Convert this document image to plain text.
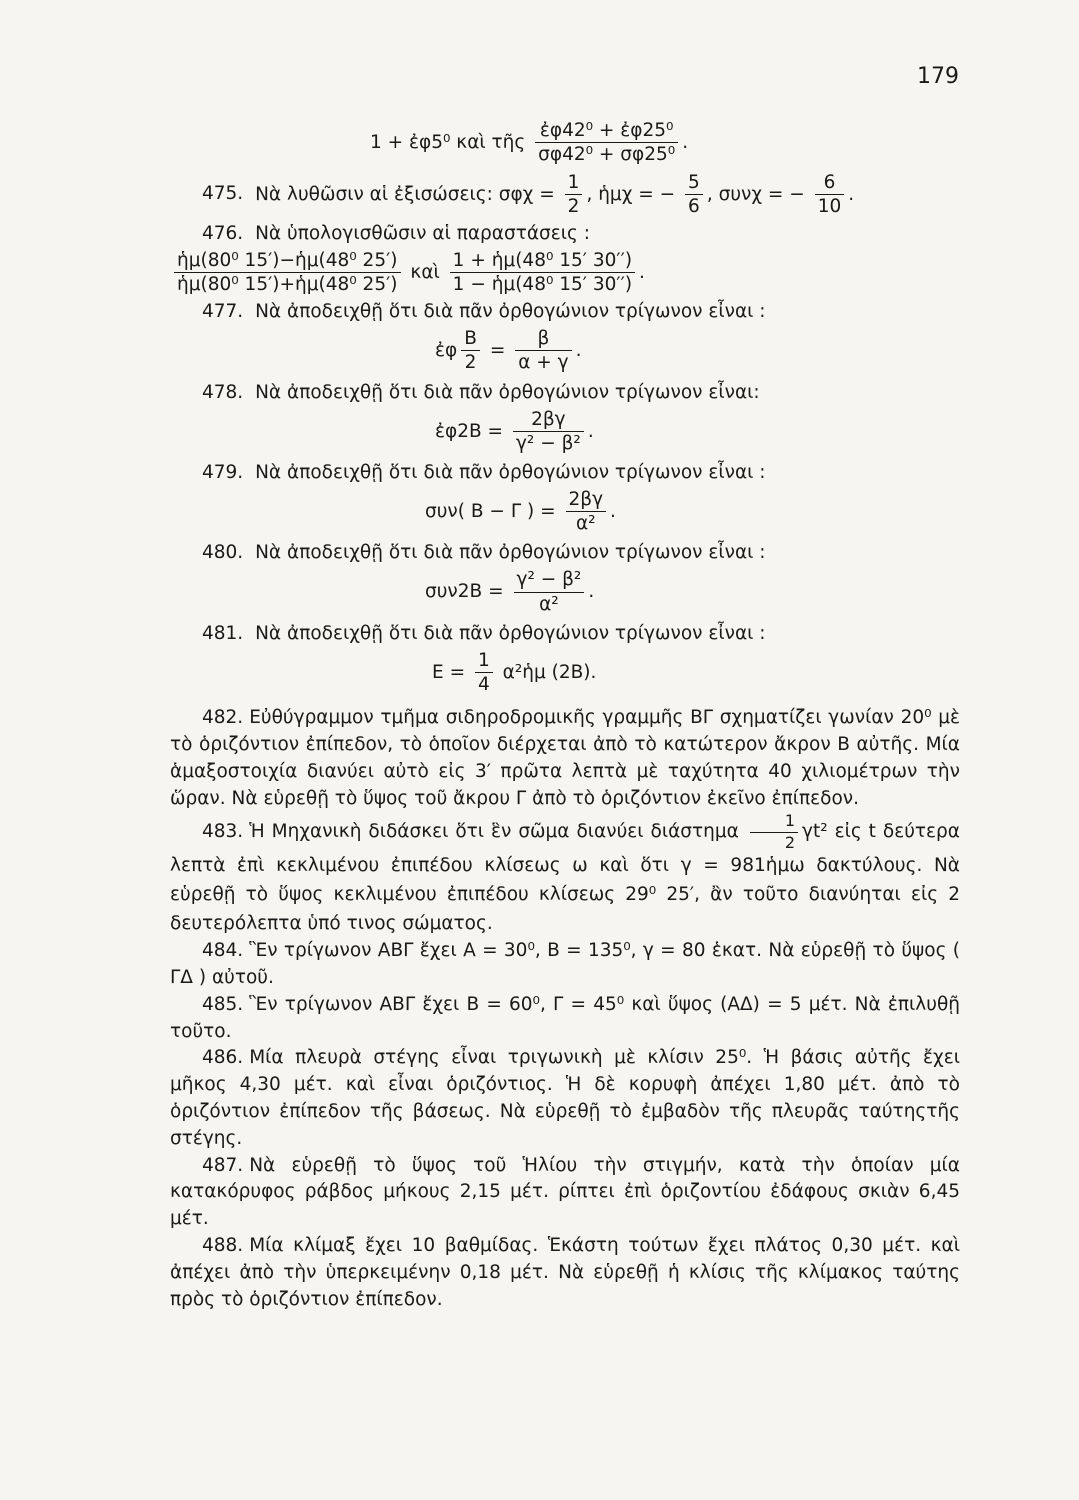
179
1 + ἐφ5⁰ καὶ τῆς $\frac{\text{ἐφ42⁰ + ἐφ25⁰}}{\text{σφ42⁰ + σφ25⁰}}$ .
475. Νὰ λυθῶσιν αἱ ἐξισώσεις: $\sigma\varphi\chi = \frac{1}{2}$ , ἡμχ = − $\frac{5}{6}$ , συνχ = − $\frac{6}{10}$ .
476. Νὰ ὑπολογισθῶσιν αἱ παραστάσεις :
$\frac{\text{ἡμ(80⁰ 15′)−ἡμ(48⁰ 25′)}}{\text{ἡμ(80⁰ 15′)+ἡμ(48⁰ 25′)}}$ καὶ $\frac{\text{1 + ἡμ(48⁰ 15′ 30′′)}}{\text{1 − ἡμ(48⁰ 15′ 30′′)}}$ .
477. Νὰ ἀποδειχθῇ ὅτι διὰ πᾶν ὀρθογώνιον τρίγωνον εἶναι :
ἐφ $\frac{B}{2} = \frac{\beta}{\alpha + \gamma}$ .
478. Νὰ ἀποδειχθῇ ὅτι διὰ πᾶν ὀρθογώνιον τρίγωνον εἶναι:
ἐφ2Β = $\frac{2\beta\gamma}{\text{γ² − β²}}$ .
479. Νὰ ἀποδειχθῇ ὅτι διὰ πᾶν ὀρθογώνιον τρίγωνον εἶναι :
συν( Β − Γ ) = $\frac{2\beta\gamma}{\text{α²}}$ .
480. Νὰ ἀποδειχθῇ ὅτι διὰ πᾶν ὀρθογώνιον τρίγωνον εἶναι :
$\sigma\upsilon\nu 2B = \frac{\text{γ² − β²}}{\text{α²}}$ .
481. Νὰ ἀποδειχθῇ ὅτι διὰ πᾶν ὀρθογώνιον τρίγωνον εἶναι :
$E = \frac{1}{4}$ α²ἡμ (2Β).

482. Εὐθύγραμμον τμῆμα σιδηροδρομικῆς γραμμῆς ΒΓ σχηματίζει γωνίαν 20⁰ μὲ τὸ ὁριζόντιον ἐπίπεδον, τὸ ὁποῖον διέρχεται ἀπὸ τὸ κατώτερον ἄκρον Β αὐτῆς. Μία ἁμαξοστοιχία διανύει αὐτὸ εἰς 3′ πρῶτα λεπτὰ μὲ ταχύτητα 40 χιλιομέτρων τὴν ὥραν. Νὰ εὑρεθῇ τὸ ὕψος τοῦ ἄκρου Γ ἀπὸ τὸ ὁριζόντιον ἐκεῖνο ἐπίπεδον.

483. Ἡ Μηχανικὴ διδάσκει ὅτι ἓν σῶμα διανύει διάστημα $\frac{1}{2} \gamma t^2$ εἰς t δεύτερα λεπτὰ ἐπὶ κεκλιμένου ἐπιπέδου κλίσεως ω καὶ ὅτι γ = 981ἡμω δακτύλους. Νὰ εὑρεθῇ τὸ ὕψος κεκλιμένου ἐπιπέδου κλίσεως 29⁰ 25′, ἂν τοῦτο διανύηται εἰς 2 δευτερόλεπτα ὑπό τινος σώματος.

484. Ἓν τρίγωνον ΑΒΓ ἔχει Α = 30⁰, Β = 135⁰, γ = 80 ἑκατ. Νὰ εὑρεθῇ τὸ ὕψος ( ΓΔ ) αὐτοῦ.

485. Ἓν τρίγωνον ΑΒΓ ἔχει Β = 60⁰, Γ = 45⁰ καὶ ὕψος (ΑΔ) = 5 μέτ. Νὰ ἐπιλυθῇ τοῦτο.

486. Μία πλευρὰ στέγης εἶναι τριγωνικὴ μὲ κλίσιν 25⁰. Ἡ βάσις αὐτῆς ἔχει μῆκος 4,30 μέτ. καὶ εἶναι ὁριζόντιος. Ἡ δὲ κορυφὴ ἀπέχει 1,80 μέτ. ἀπὸ τὸ ὁριζόντιον ἐπίπεδον τῆς βάσεως. Νὰ εὑρεθῇ τὸ ἐμβαδὸν τῆς πλευρᾶς ταύτηςτῆς στέγης.

487. Νὰ εὑρεθῇ τὸ ὕψος τοῦ Ἡλίου τὴν στιγμήν, κατὰ τὴν ὁποίαν μία κατακόρυφος ράβδος μήκους 2,15 μέτ. ρίπτει ἐπὶ ὁριζοντίου ἐδάφους σκιὰν 6,45 μέτ.

488. Μία κλίμαξ ἔχει 10 βαθμίδας. Ἑκάστη τούτων ἔχει πλάτος 0,30 μέτ. καὶ ἀπέχει ἀπὸ τὴν ὑπερκειμένην 0,18 μέτ. Νὰ εὑρεθῇ ἡ κλίσις τῆς κλίμακος ταύτης πρὸς τὸ ὁριζόντιον ἐπίπεδον.
